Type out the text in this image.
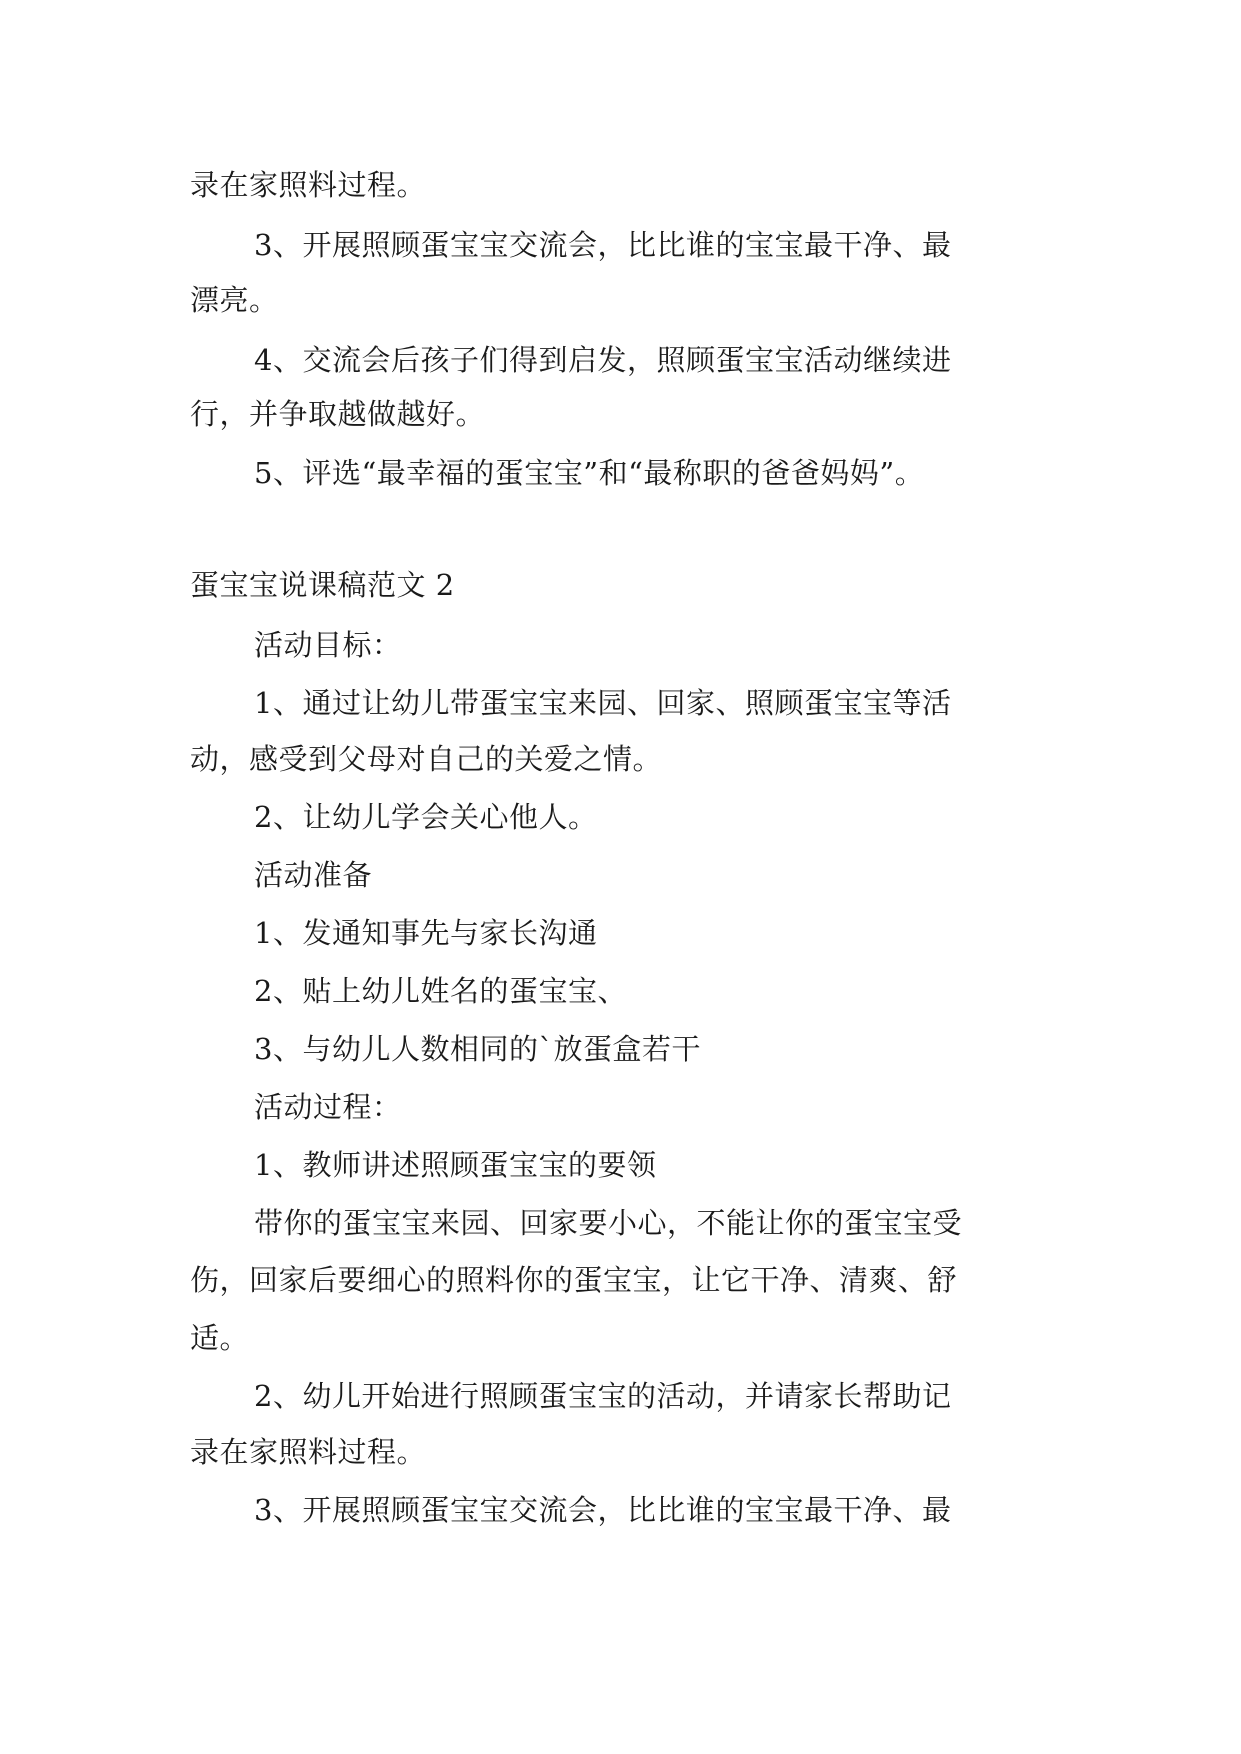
录在家照料过程。
3、开展照顾蛋宝宝交流会，比比谁的宝宝最干净、最
漂亮。
4、交流会后孩子们得到启发，照顾蛋宝宝活动继续进
行，并争取越做越好。
5、评选“最幸福的蛋宝宝”和“最称职的爸爸妈妈”。
蛋宝宝说课稿范文 2
活动目标：
1、通过让幼儿带蛋宝宝来园、回家、照顾蛋宝宝等活
动，感受到父母对自己的关爱之情。
2、让幼儿学会关心他人。
活动准备
1、发通知事先与家长沟通
2、贴上幼儿姓名的蛋宝宝、
3、与幼儿人数相同的`放蛋盒若干
活动过程：
1、教师讲述照顾蛋宝宝的要领
带你的蛋宝宝来园、回家要小心，不能让你的蛋宝宝受
伤，回家后要细心的照料你的蛋宝宝，让它干净、清爽、舒
适。
2、幼儿开始进行照顾蛋宝宝的活动，并请家长帮助记
录在家照料过程。
3、开展照顾蛋宝宝交流会，比比谁的宝宝最干净、最
